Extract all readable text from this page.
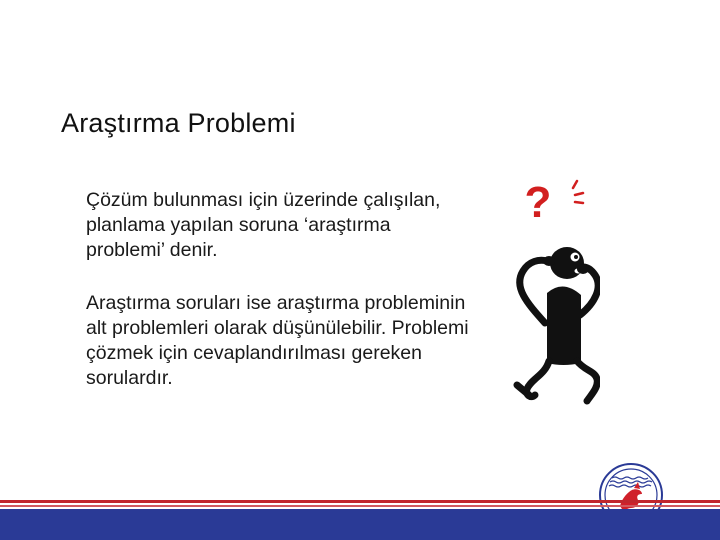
Araştırma Problemi
Çözüm bulunması için üzerinde çalışılan, planlama yapılan soruna ‘araştırma problemi’ denir.
Araştırma soruları ise araştırma probleminin alt problemleri olarak düşünülebilir. Problemi çözmek için cevaplandırılması gereken sorulardır.
?
